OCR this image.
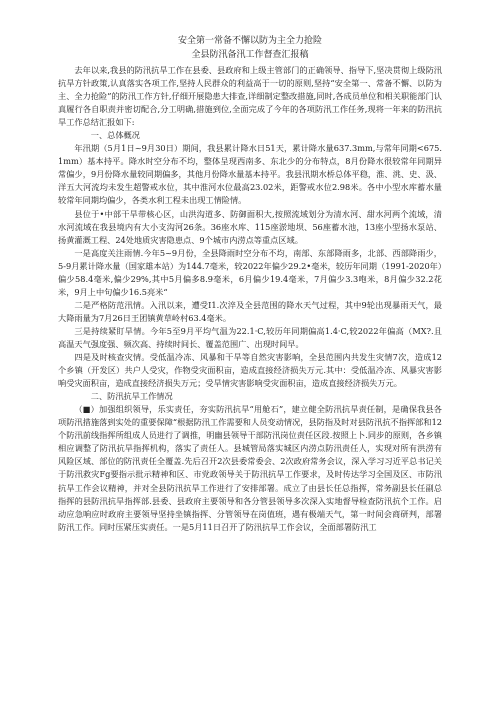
安全第一常备不懈以防为主全力抢险

全县防汛备汛工作督查汇报稿

去年以来,我县的防汛抗旱工作在县委、县政府和上级主管部门的正确领导、指导下,坚决贯彻上级防汛抗旱方针政策,认真落实各项工作,坚持人民群众的利益高于一切的原则,坚持“安全第一、常备不懈、以防为主、全力抢险”的防汛工作方针,仔细开展隐患大排查,详细制定整改措施,同时,各成员单位和相关职能部门认真履行各自职责并密切配合,分工明确,措施到位,全面完成了今年的各项防汛工作任务,现将一年来的防汛抗旱工作总结汇报如下:

一、总体概况

年汛期（5月1日~9月30日）期间，我县累计降水日51天，累计降水量637.3mm,与常年同期<675.1mm）基本持平。降水时空分布不均，整体呈现西南多、东北少的分布特点，8月份降水很较常年同期异常偏少，9月份降水量较同期偏多，其他月份降水量基本持平。我县汛期水桥总体平稳，淮、洮、史、汲、洋五大河流均未发生超警戒水位，其中淮河水位最高23.02米，距警戒水位2.98米。各中小型水库蓄水量较常年同期均偏少，各类水利工程未出现工情险情。

县位于•中部干旱带核心区，山洪沟道多、防御面积大,按照流域划分为清水河、甜水河两个流域，清水河流域在我县境内有大小支沟河26条。36座水库、115座淤地坝、56座蓄水池，13座小型扬水泵站、扬黄灌溉工程、24处地质灾害隐患点、9个城市内涝点等重点区域。

一是高度关注雨情.今年5~9月份，全县降雨时空分布不均，南部、东部降雨多，北部、西部降雨少，5-9月累计降水量（国家雄本站）为144.7毫米，较2022年偏少29.2•毫米，较历年同期（1991-2020年）偏少58.4毫米,偏少29%,其中5月偏多8.9毫米，6月偏少19.4毫米，7月偏少3.3咆米，8月偏少32.2花米，9月上中句偏少16.5亮米“

二是严格防范汛情。入汛以来，遭受I1.次淬及全县范围的降水天气过程，其中9轮出现暴雨天气，最大降雨量为7月26日王团镇黄草岭村63.4毫米。

三是持续紧盯旱情。今年5至9月平均气温为22.1·C,较历年同期偏高1.4·C,较2022年偏高（MX?.且高温天气强度强、频次高、持续时间长、覆盖范围广、出现时间早。

四是及时核查灾情。受低温冷冻、风暴和干旱等自然灾害影响，全县范围内共发生灾情7次，造成12个乡镇（开发区）共户人受灾，作物受灾面积亩，造成直接经济损失万元.其中：受低温冷冻、风暴灾害影响受灾面积亩，造成直接经济损失万元；受旱情灾害影响受灾面积亩，造成直接经济损失万元。

二、防汛抗旱工作情况

（■）加强组织领导，乐实责任，夯实防汛抗旱“用舱石”，建立健全防汛抗旱责任制，是确保我县各项防汛措施落到实处的重要保障“根据防汛工作需要和人员变动情况，县防指及时对县防汛抗不指挥部和12个防汛前线指挥所组成人员进行了调推，明幽县领导干部防汛岗位责任区段.按照上卜.同步的原则，各乡镇相应调整了防汛抗旱指挥机构，落实了责任人。县城管局落实城区内涝点防汛责任人，实现对所有洪涝有风险区域、部位的防汛责任全覆盖.先后召开2次县委常委会、2次政府常务会议，深入学习习近平总书记关于防汛救灾Fg要指示批示精神和区、市党政领导关于防汛抗旱工作要求，及时传达学习全国及区、市防汛抗旱工作会议精神，并对全县防汛抗旱工作进行了安排部署。成立了由县长任总指挥，常务副县长任副总指挥的县防汛抗旱指挥部.县委、县政府主要领导和各分管县领导多次深入实地督导检查防汛抗个工作。启动应急响应时政府主要领导坚持坐镇指挥、分管领导在岗值班，遇有极端天气，第一时间会商研判，部署防汛工作。同时压紧压实责任。一是5月11日召开了防汛抗旱工作会议，全面部署防汛工
